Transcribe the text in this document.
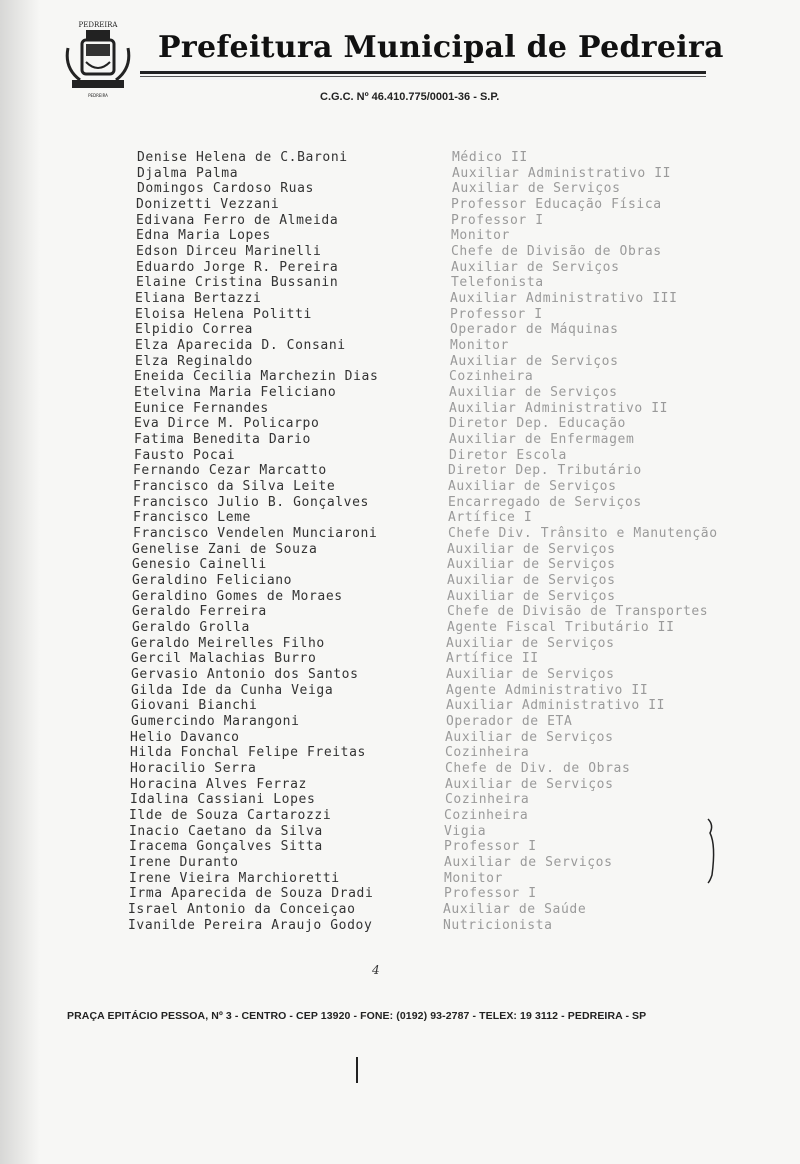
PEDREIRA
PEDREIRA
Prefeitura Municipal de Pedreira
C.G.C. Nº 46.410.775/0001-36 - S.P.
Denise Helena de C.Baroni	Médico II
Djalma Palma	Auxiliar Administrativo II
Domingos Cardoso Ruas	Auxiliar de Serviços
Donizetti Vezzani	Professor Educação Física
Edivana Ferro de Almeida	Professor I
Edna Maria Lopes	Monitor
Edson Dirceu Marinelli	Chefe de Divisão de Obras
Eduardo Jorge R. Pereira	Auxiliar de Serviços
Elaine Cristina Bussanin	Telefonista
Eliana Bertazzi	Auxiliar Administrativo III
Eloisa Helena Politti	Professor I
Elpidio Correa	Operador de Máquinas
Elza Aparecida D. Consani	Monitor
Elza Reginaldo	Auxiliar de Serviços
Eneida Cecilia Marchezin Dias	Cozinheira
Etelvina Maria Feliciano	Auxiliar de Serviços
Eunice Fernandes	Auxiliar Administrativo II
Eva Dirce M. Policarpo	Diretor Dep. Educação
Fatima Benedita Dario	Auxiliar de Enfermagem
Fausto Pocai	Diretor Escola
Fernando Cezar Marcatto	Diretor Dep. Tributário
Francisco da Silva Leite	Auxiliar de Serviços
Francisco Julio B. Gonçalves	Encarregado de Serviços
Francisco Leme	Artífice I
Francisco Vendelen Munciaroni	Chefe Div. Trânsito e Manutenção
Genelise Zani de Souza	Auxiliar de Serviços
Genesio Cainelli	Auxiliar de Serviços
Geraldino Feliciano	Auxiliar de Serviços
Geraldino Gomes de Moraes	Auxiliar de Serviços
Geraldo Ferreira	Chefe de Divisão de Transportes
Geraldo Grolla	Agente Fiscal Tributário II
Geraldo Meirelles Filho	Auxiliar de Serviços
Gercil Malachias Burro	Artífice II
Gervasio Antonio dos Santos	Auxiliar de Serviços
Gilda Ide da Cunha Veiga	Agente Administrativo II
Giovani Bianchi	Auxiliar Administrativo II
Gumercindo Marangoni	Operador de ETA
Helio Davanco	Auxiliar de Serviços
Hilda Fonchal Felipe Freitas	Cozinheira
Horacilio Serra	Chefe de Div. de Obras
Horacina Alves Ferraz	Auxiliar de Serviços
Idalina Cassiani Lopes	Cozinheira
Ilde de Souza Cartarozzi	Cozinheira
Inacio Caetano da Silva	Vigia
Iracema Gonçalves Sitta	Professor I
Irene Duranto	Auxiliar de Serviços
Irene Vieira Marchioretti	Monitor
Irma Aparecida de Souza Dradi	Professor I
Israel Antonio da Conceiçao	Auxiliar de Saúde
Ivanilde Pereira Araujo Godoy	Nutricionista
4
PRAÇA EPITÁCIO PESSOA, Nº 3 - CENTRO - CEP 13920 - FONE: (0192) 93-2787 - TELEX: 19 3112 - PEDREIRA - SP
